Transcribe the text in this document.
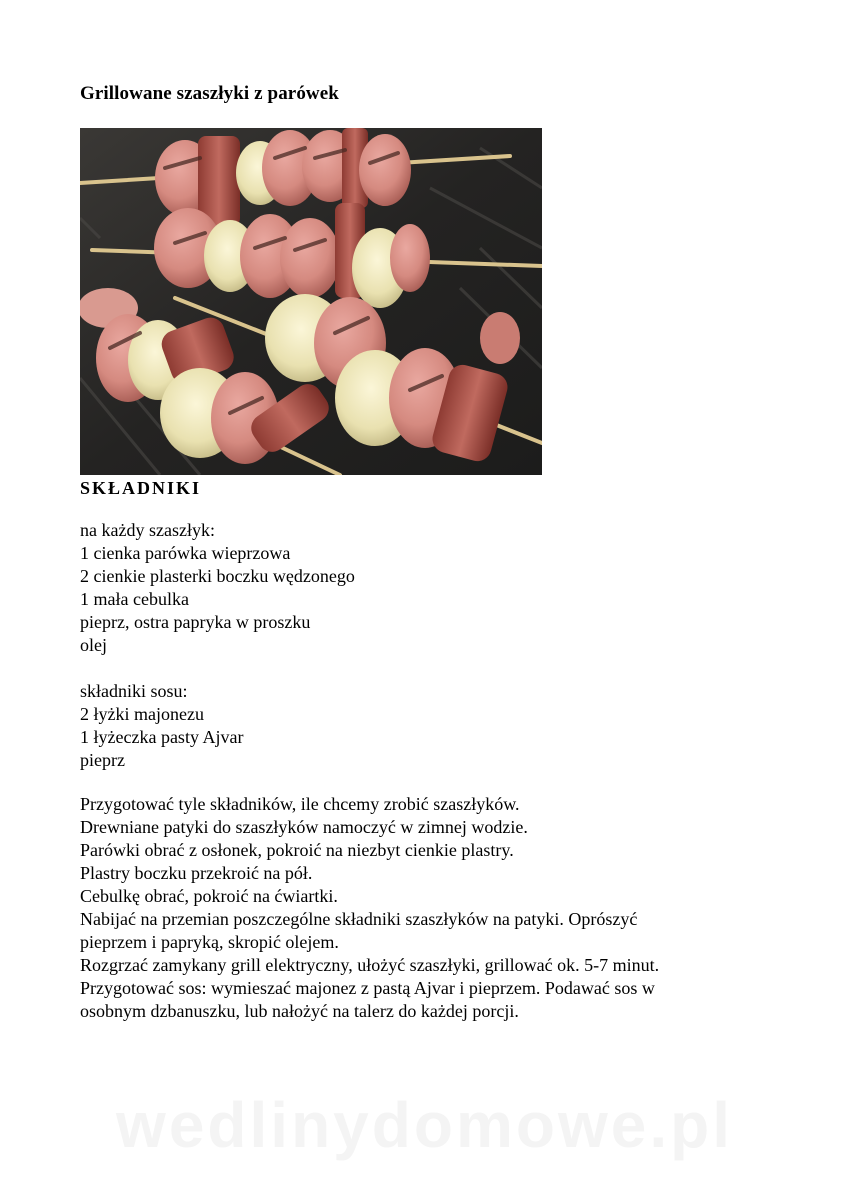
Grillowane szaszłyki z parówek
SKŁADNIKI
na każdy szaszłyk:
1 cienka parówka wieprzowa
2 cienkie plasterki boczku wędzonego
1 mała cebulka
pieprz, ostra papryka w proszku
olej
składniki sosu:
2 łyżki majonezu
1 łyżeczka pasty Ajvar
pieprz
Przygotować tyle składników, ile chcemy zrobić szaszłyków.
Drewniane patyki do szaszłyków namoczyć w zimnej wodzie.
Parówki obrać z osłonek, pokroić na niezbyt cienkie plastry.
Plastry boczku przekroić na pół.
Cebulkę obrać, pokroić na ćwiartki.
Nabijać na przemian poszczególne składniki szaszłyków na patyki. Oprószyć
pieprzem i papryką, skropić olejem.
Rozgrzać zamykany grill elektryczny, ułożyć szaszłyki, grillować ok. 5-7 minut.
Przygotować sos: wymieszać majonez z pastą Ajvar i pieprzem. Podawać sos w
osobnym dzbanuszku, lub nałożyć na talerz do każdej porcji.
wedlinydomowe.pl
